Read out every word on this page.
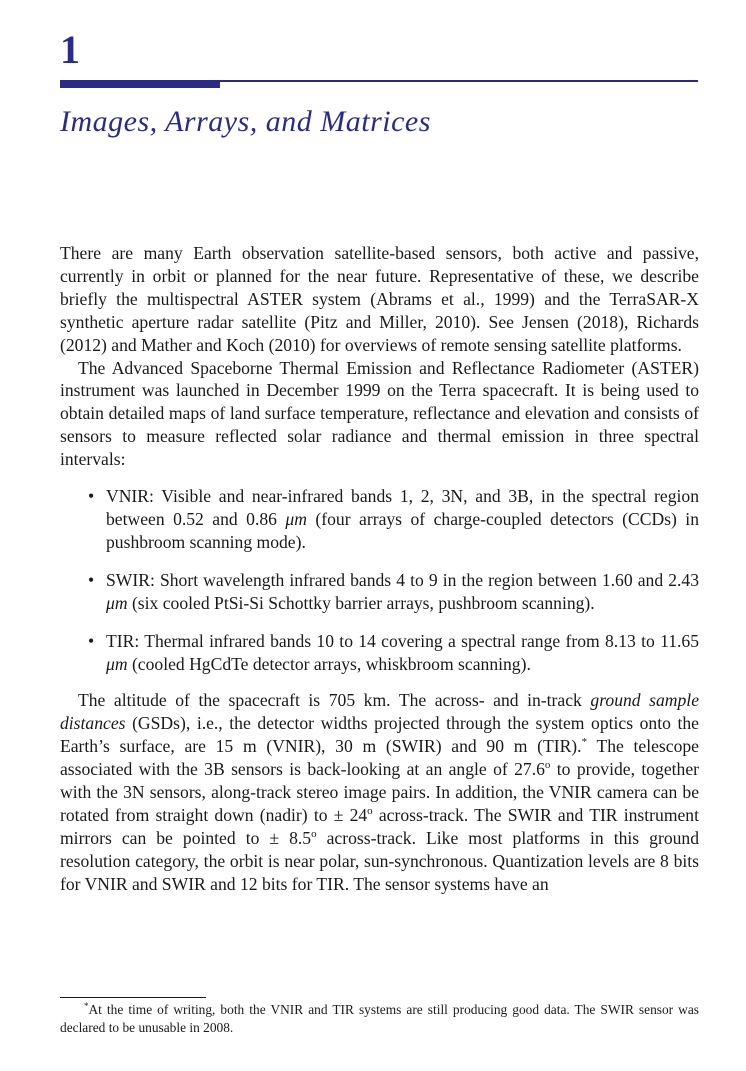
1
Images, Arrays, and Matrices

There are many Earth observation satellite-based sensors, both active and passive, currently in orbit or planned for the near future. Representative of these, we describe briefly the multispectral ASTER system (Abrams et al., 1999) and the TerraSAR-X synthetic aperture radar satellite (Pitz and Miller, 2010). See Jensen (2018), Richards (2012) and Mather and Koch (2010) for overviews of remote sensing satellite platforms.

The Advanced Spaceborne Thermal Emission and Reflectance Radiometer (ASTER) instrument was launched in December 1999 on the Terra spacecraft. It is being used to obtain detailed maps of land surface temperature, reflectance and elevation and consists of sensors to measure reflected solar radiance and thermal emission in three spectral intervals:

• VNIR: Visible and near-infrared bands 1, 2, 3N, and 3B, in the spectral region between 0.52 and 0.86 μm (four arrays of charge-coupled detectors (CCDs) in pushbroom scanning mode).
• SWIR: Short wavelength infrared bands 4 to 9 in the region between 1.60 and 2.43 μm (six cooled PtSi-Si Schottky barrier arrays, pushbroom scanning).
• TIR: Thermal infrared bands 10 to 14 covering a spectral range from 8.13 to 11.65 μm (cooled HgCdTe detector arrays, whiskbroom scanning).

The altitude of the spacecraft is 705 km. The across- and in-track ground sample distances (GSDs), i.e., the detector widths projected through the system optics onto the Earth’s surface, are 15 m (VNIR), 30 m (SWIR) and 90 m (TIR).* The telescope associated with the 3B sensors is back-looking at an angle of 27.6$^o$ to provide, together with the 3N sensors, along-track stereo image pairs. In addition, the VNIR camera can be rotated from straight down (nadir) to ± $24^o$ across-track. The SWIR and TIR instrument mirrors can be pointed to ± $8.5^o$ across-track. Like most platforms in this ground resolution category, the orbit is near polar, sun-synchronous. Quantization levels are 8 bits for VNIR and SWIR and 12 bits for TIR. The sensor systems have an

*At the time of writing, both the VNIR and TIR systems are still producing good data. The SWIR sensor was declared to be unusable in 2008.
